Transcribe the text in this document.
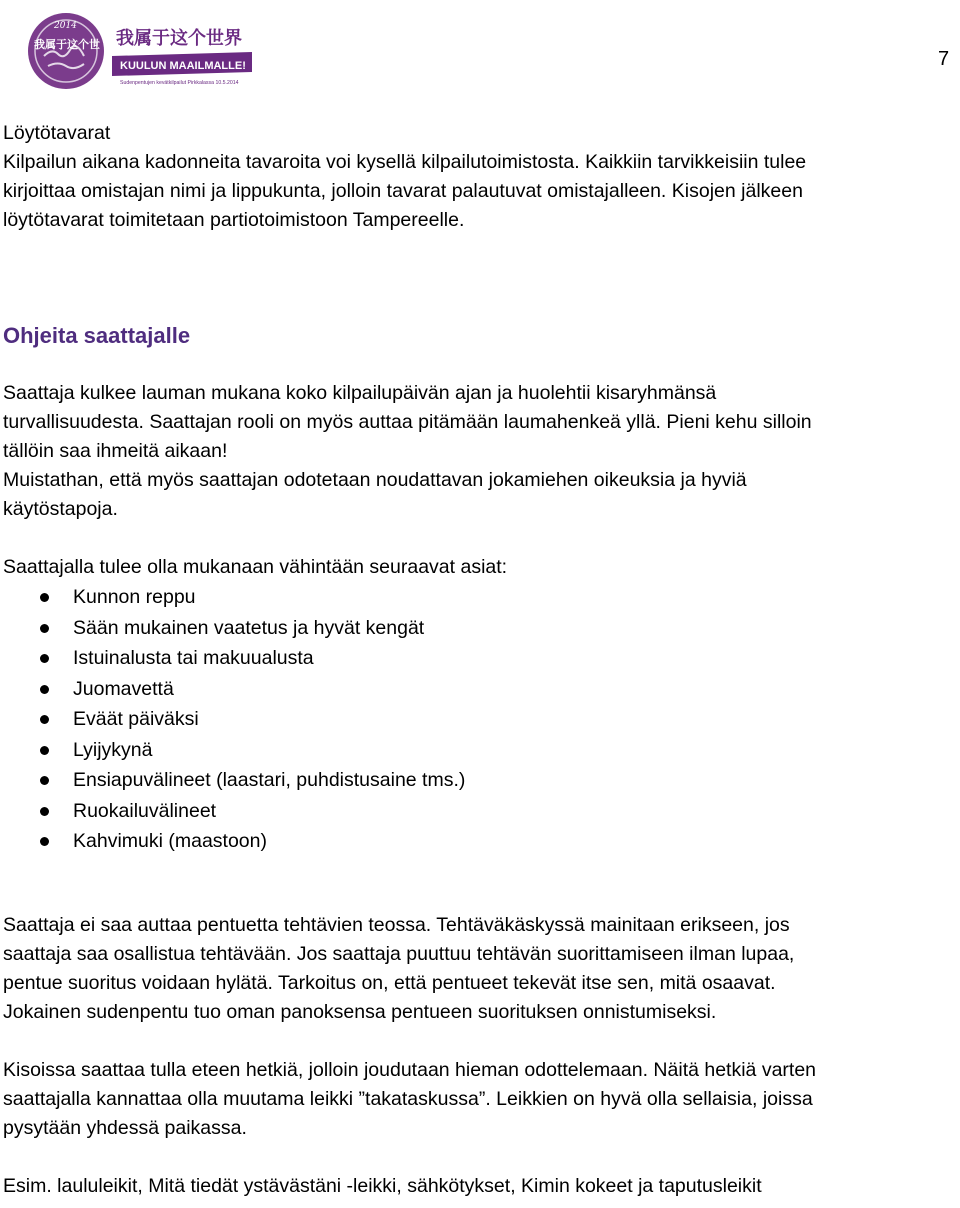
2014
我属于这个世 我属于这个世界
KUULUN MAAILMALLE!
Sudenpentujen kevätkilpailut Pirkkalassa 10.5.2014
7

Löytötavarat

Kilpailun aikana kadonneita tavaroita voi kysellä kilpailutoimistosta. Kaikkiin tarvikkeisiin tulee

kirjoittaa omistajan nimi ja lippukunta, jolloin tavarat palautuvat omistajalleen. Kisojen jälkeen

löytötavarat toimitetaan partiotoimistoon Tampereelle.

Ohjeita saattajalle

Saattaja kulkee lauman mukana koko kilpailupäivän ajan ja huolehtii kisaryhmänsä

turvallisuudesta. Saattajan rooli on myös auttaa pitämään laumahenkeä yllä. Pieni kehu silloin

tällöin saa ihmeitä aikaan!

Muistathan, että myös saattajan odotetaan noudattavan jokamiehen oikeuksia ja hyviä

käytöstapoja.

Saattajalla tulee olla mukanaan vähintään seuraavat asiat:

Kunnon reppu
Sään mukainen vaatetus ja hyvät kengät
Istuinalusta tai makuualusta
Juomavettä
Eväät päiväksi
Lyijykynä
Ensiapuvälineet (laastari, puhdistusaine tms.)
Ruokailuvälineet
Kahvimuki (maastoon)

Saattaja ei saa auttaa pentuetta tehtävien teossa. Tehtäväkäskyssä mainitaan erikseen, jos

saattaja saa osallistua tehtävään. Jos saattaja puuttuu tehtävän suorittamiseen ilman lupaa,

pentue suoritus voidaan hylätä. Tarkoitus on, että pentueet tekevät itse sen, mitä osaavat.

Jokainen sudenpentu tuo oman panoksensa pentueen suorituksen onnistumiseksi.

Kisoissa saattaa tulla eteen hetkiä, jolloin joudutaan hieman odottelemaan. Näitä hetkiä varten

saattajalla kannattaa olla muutama leikki ”takataskussa”. Leikkien on hyvä olla sellaisia, joissa

pysytään yhdessä paikassa.

Esim. laululeikit, Mitä tiedät ystävästäni -leikki, sähkötykset, Kimin kokeet ja taputusleikit
